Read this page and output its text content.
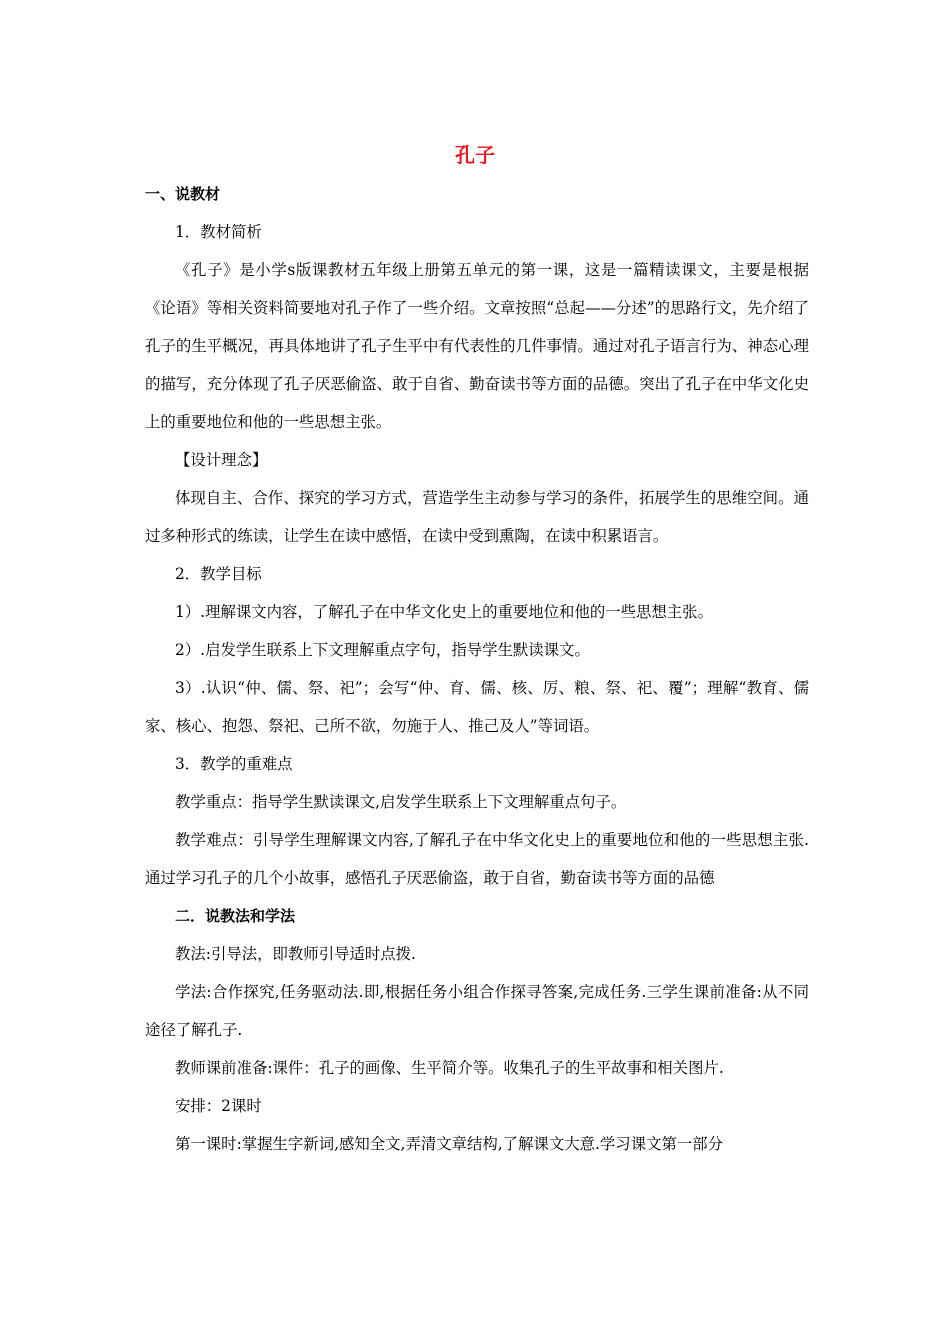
孔子

一、说教材

1．教材简析

《孔子》是小学s版课教材五年级上册第五单元的第一课，这是一篇精读课文，主要是根据《论语》等相关资料简要地对孔子作了一些介绍。文章按照“总起——分述”的思路行文，先介绍了孔子的生平概况，再具体地讲了孔子生平中有代表性的几件事情。通过对孔子语言行为、神态心理的描写，充分体现了孔子厌恶偷盗、敢于自省、勤奋读书等方面的品德。突出了孔子在中华文化史上的重要地位和他的一些思想主张。

【设计理念】

体现自主、合作、探究的学习方式，营造学生主动参与学习的条件，拓展学生的思维空间。通过多种形式的练读，让学生在读中感悟，在读中受到熏陶，在读中积累语言。

2．教学目标

1）.理解课文内容，了解孔子在中华文化史上的重要地位和他的一些思想主张。

2）.启发学生联系上下文理解重点字句，指导学生默读课文。

3）.认识“仲、儒、祭、祀”；会写“仲、育、儒、核、厉、粮、祭、祀、覆”；理解“教育、儒家、核心、抱怨、祭祀、己所不欲，勿施于人、推己及人”等词语。

3．教学的重难点

教学重点：指导学生默读课文,启发学生联系上下文理解重点句子。

教学难点：引导学生理解课文内容,了解孔子在中华文化史上的重要地位和他的一些思想主张.通过学习孔子的几个小故事，感悟孔子厌恶偷盗，敢于自省，勤奋读书等方面的品德

二．说教法和学法

教法:引导法，即教师引导适时点拨.

学法:合作探究,任务驱动法.即,根据任务小组合作探寻答案,完成任务.三学生课前准备:从不同途径了解孔子.

教师课前准备:课件：孔子的画像、生平简介等。收集孔子的生平故事和相关图片.

安排：2课时

第一课时:掌握生字新词,感知全文,弄清文章结构,了解课文大意.学习课文第一部分
